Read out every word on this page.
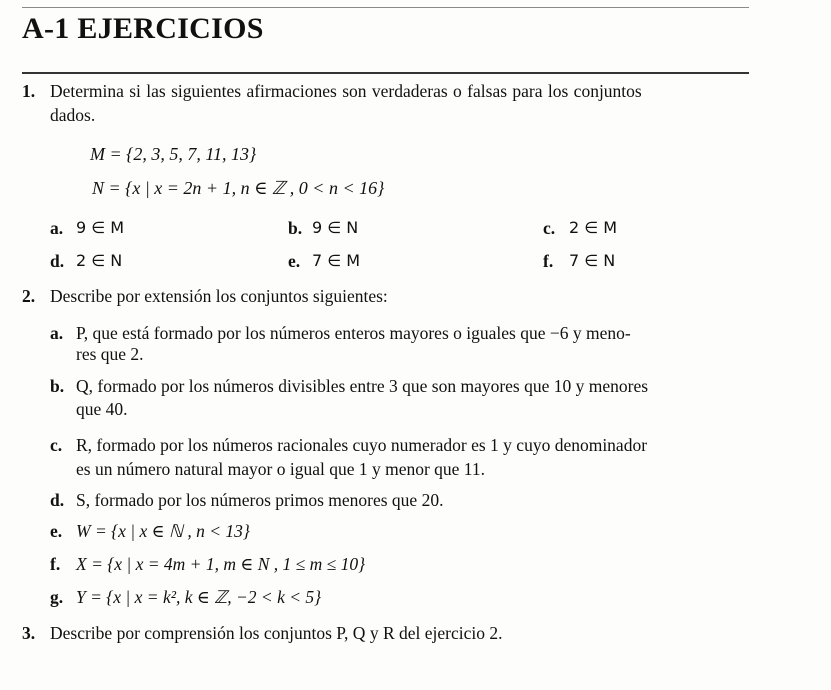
A-1 EJERCICIOS
1. Determina si las siguientes afirmaciones son verdaderas o falsas para los conjuntos
dados.
M = {2, 3, 5, 7, 11, 13}
N = {x | x = 2n + 1, n ∈ ℤ , 0 < n < 16}
a. 9 ∈ M	b. 9 ∈ N	c. 2 ∈ M
d. 2 ∈ N	e. 7 ∈ M	f. 7 ∈ N
2. Describe por extensión los conjuntos siguientes:
a. P, que está formado por los números enteros mayores o iguales que −6 y meno-
res que 2.
b. Q, formado por los números divisibles entre 3 que son mayores que 10 y menores
que 40.
c. R, formado por los números racionales cuyo numerador es 1 y cuyo denominador
es un número natural mayor o igual que 1 y menor que 11.
d. S, formado por los números primos menores que 20.
e. W = {x | x ∈ ℕ , n < 13}
f. X = {x | x = 4m + 1, m ∈ N , 1 ≤ m ≤ 10}
g. Y = {x | x = k², k ∈ ℤ, −2 < k < 5}
3. Describe por comprensión los conjuntos P, Q y R del ejercicio 2.
